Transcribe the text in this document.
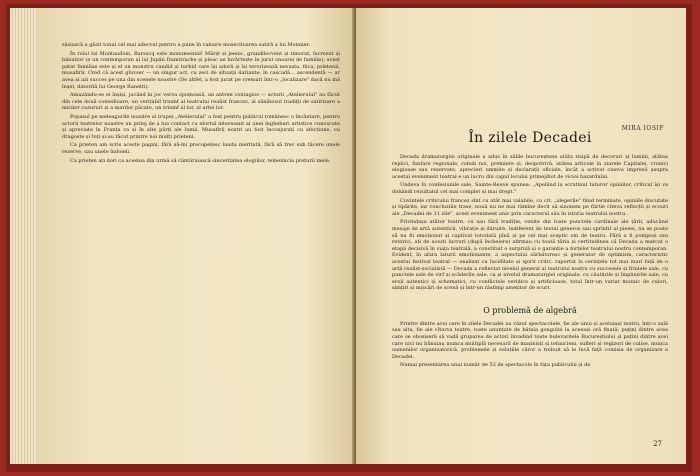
săsiască a găsit tonul cel mai adecvat pentru a pune în valoare mosecitoarea satiră a lui Monnier.

În rolul lui Montaudoin, Barsacq este monumental! Mărșt și jeenic, grandilocvent și timorat, încrezut și bănuitor (e un contemporan al lui Jupân Dumitrache și pleac ae învârtește în jurul onoarei de familie); acest pater familias este și el un monstru candid și turbid care își adoră și își terorizează nevasta, fiica, prietenii, musafirii. Cred că acest gluvser — un singur act, cu zeci de situații ilariante, în cascadă... ascendentă — ar avea și azi succes pe una din scenele noastre (De altfel, a fost jucat pe vremuri într-o „localizare" dacă nu mă înșel, datorită lui George Ranetti).

Amuzându-se ei înșiși, jucând în joc verva spumoasă, un antren contagios — actorii „Atelierului" au făcut din cele două comedioare, un veritabil triumf al teatrului realist francez, al sănătosul tradiții de satirizare a micilor cusururi și a marilor păcate, un triumf al lor, al artei lor.

Popasul pe meleagurile noastre al trupei „Atelierului" a fost pentru publicul românesc o încântare, pentru actorii teatrelor noastre un prilej de a lua contact cu efortul interesant al unei îngheburi artistice cunoscute și apreciate în Franța ca și în alte părți ale lumii. Musafirii noștri au fost înconjurați cu afecțiune, cu dragoste și toți și-au făcut printre noi mulți prieteni.

Ca prieten am scris aceste pagini, fără să-mi precupețesc lauda meritată, fără să trec sub tăcere unele rezerve, sau unele îndoieli.

Ca prieten ați dori ca acestea din urmă să cântăruiască sinceritatea elogiilor, temeinicia prețurii mele.

MIRA IOSIF
În zilele Decadei

Decada dramaturgiei originale a adus în sălile bucureștene atâta risipă de decoruri și lumini, atâtea replici, fanfare regionale, robuli noi, premiere și, deopotrivă, atâtea articole în ziarele Capitalei, cronici elogioase sau rezervate, aprecieri ummite și declarații oficiale, încât a activat cineva impresii asupra acestui eveniment teatral e un lucru din capul locului primejdiot de vicioi hazardului.

Undeva în confesiunile sale, Sainte-Beuve spunea: „Apelând la scrutinul tuturor opiniilor, criticul își va dobândi rezultatul cel mai complet și mai drept."

Cuvintele criticului francez sînt cu atât mai valabile, cu cit, „alegerile" fiind terminate, opiniile discutate și tipărite, iar concluziile trase, nouă nu ne mai rămîne decît să sinonem pe fürtie citeva reflecții și ecouri ale „Decadei de 11 zile", acest eveniment unic prin caracterul său în istoria teatrului nostru.

Privindașa atâtor teatre, cu sau fără tradiție, venite din toate punctele cardinale ale țării, aducând mesaje de artă autentică, vibrație și dăruire, indiferent de textul generos sau sprintit al piesei, nu se poate să nu fii emoționat și captivat totodată pînă și pe cel mai sceptic om de teatru. Fără a fi pompoși sau retorici, ați de acești lucruri (după încheiere) afirmau cu toată tăria și certitudinea că Decada a marcat o etapă decisivă în viața teatrală, a constituit o surpriză și o garanție a forțelor teatrului nostru contemporan. Evident, în afara laturii emoționante, a aspectului sărbătoresc și generator de optimism, caracteristic acestui festival teatral — analizat cu luciditate și spirit critic, raportat la cerințele tot mai mari față de o artă realist-socialistă — Decada a reflectat nivelul general al teatrului nostru cu succesele și friniele sale, cu punctele sale de virf și scăderile sale, ca și nivelul dramaturgiei originale, cu căutările și împlinirile sale, cu eroii autentici și schematici, cu conflictele veridice și artificioase, totul într-un variat mozaic de culori, simțiri și mișcări de scenă și într-un răsfimp amețitor de scurt.

O problemă de algebră

Printre dintre acei care în zilele Decadei au văzut spectacolele, fie ale unui și aceluiași teatru, într-o sală sau alta, fie ale cîtorva teatre, toate anunțate de bătaia gongului la aceeași oră fixată; puțini dintre acea care se obosiseră să vadă gruparea de actori învadind toate bulevardele Bucureștiului și puțini dintre acei care nici nu bănuiau munca multiplă necesară de mașiniști și tehnicieni, sufleri și regizori de culise, munca oamenilor organizatorică, problemele și soluțiile căror a trebuit să le facă față comisia de organizare a Decadei.

Numai prezentarea unui număr de 52 de spectacole în fața publicului și de

27
